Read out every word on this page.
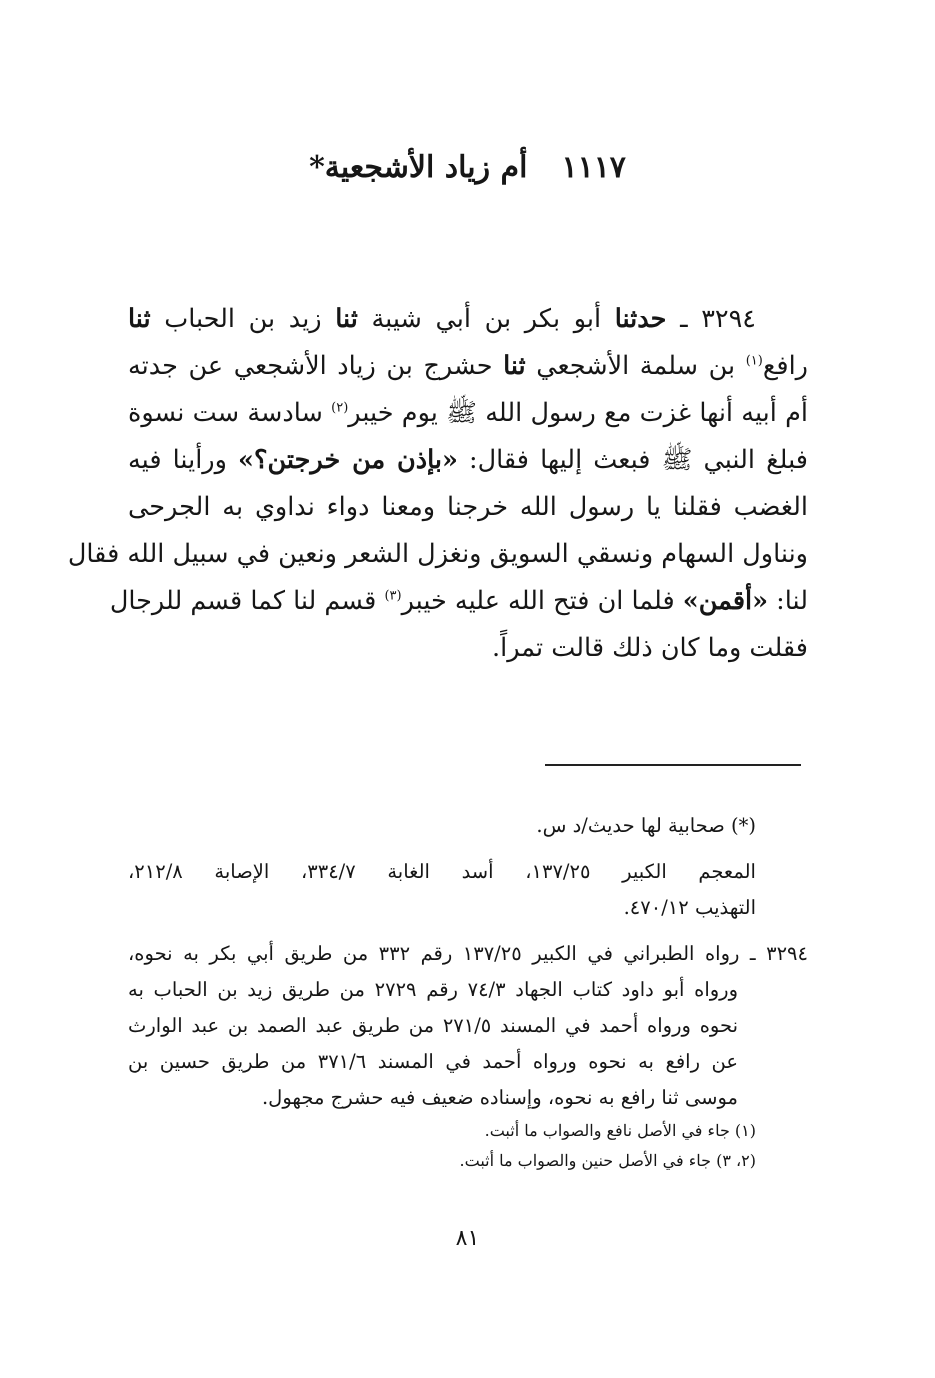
١١١٧أم زياد الأشجعية*
٣٢٩٤ ـ حدثنا أبو بكر بن أبي شيبة ثنا زيد بن الحباب ثنا
رافع$^{(١)}$ بن سلمة الأشجعي ثنا حشرج بن زياد الأشجعي عن جدته
أم أبيه أنها غزت مع رسول الله ﷺ يوم خيبر$^{(٢)}$ سادسة ست نسوة
فبلغ النبي ﷺ فبعث إليها فقال: «بإذن من خرجتن؟» ورأينا فيه
الغضب فقلنا يا رسول الله خرجنا ومعنا دواء نداوي به الجرحى
ونناول السهام ونسقي السويق ونغزل الشعر ونعين في سبيل الله فقال
لنا: «أقمن» فلما ان فتح الله عليه خيبر$^{(٣)}$ قسم لنا كما قسم للرجال
فقلت وما كان ذلك قالت تمراً.
(*) صحابية لها حديث/د س.
المعجم الكبير ١٣٧/٢٥، أسد الغابة ٣٣٤/٧، الإصابة ٢١٢/٨،
التهذيب ٤٧٠/١٢.
٣٢٩٤ ـ رواه الطبراني في الكبير ١٣٧/٢٥ رقم ٣٣٢ من طريق أبي بكر به نحوه،
ورواه أبو داود كتاب الجهاد ٧٤/٣ رقم ٢٧٢٩ من طريق زيد بن الحباب به
نحوه ورواه أحمد في المسند ٢٧١/٥ من طريق عبد الصمد بن عبد الوارث
عن رافع به نحوه ورواه أحمد في المسند ٣٧١/٦ من طريق حسين بن
موسى ثنا رافع به نحوه، وإسناده ضعيف فيه حشرج مجهول.
(١) جاء في الأصل نافع والصواب ما أثبت.
(٢، ٣) جاء في الأصل حنين والصواب ما أثبت.
٨١
